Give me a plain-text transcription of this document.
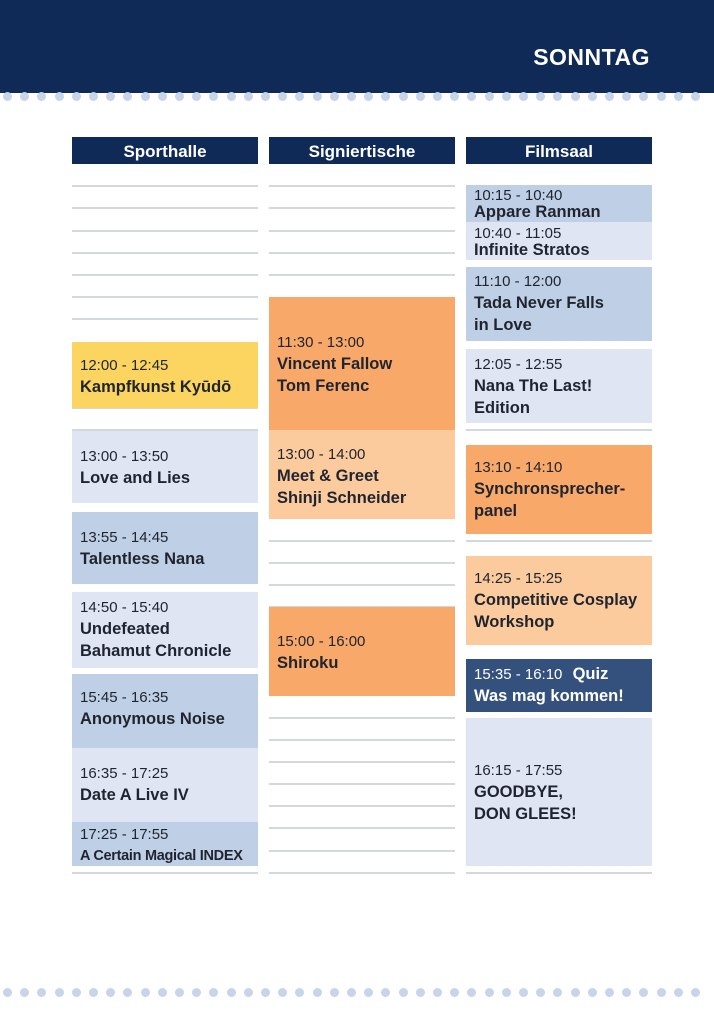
SONNTAG
Sporthalle
12:00 - 12:45
Kampfkunst Kyūdō
13:00 - 13:50
Love and Lies
13:55 - 14:45
Talentless Nana
14:50 - 15:40
Undefeated
Bahamut Chronicle
15:45 - 16:35
Anonymous Noise
16:35 - 17:25
Date A Live IV
17:25 - 17:55
A Certain Magical INDEX
Signiertische
11:30 - 13:00
Vincent Fallow
Tom Ferenc
13:00 - 14:00
Meet & Greet
Shinji Schneider
15:00 - 16:00
Shiroku
Filmsaal
10:15 - 10:40
Appare Ranman
10:40 - 11:05
Infinite Stratos
11:10 - 12:00
Tada Never Falls
in Love
12:05 - 12:55
Nana The Last!
Edition
13:10 - 14:10
Synchronsprecher-
panel
14:25 - 15:25
Competitive Cosplay
Workshop
15:35 - 16:10 Quiz
Was mag kommen!
16:15 - 17:55
GOODBYE,
DON GLEES!
